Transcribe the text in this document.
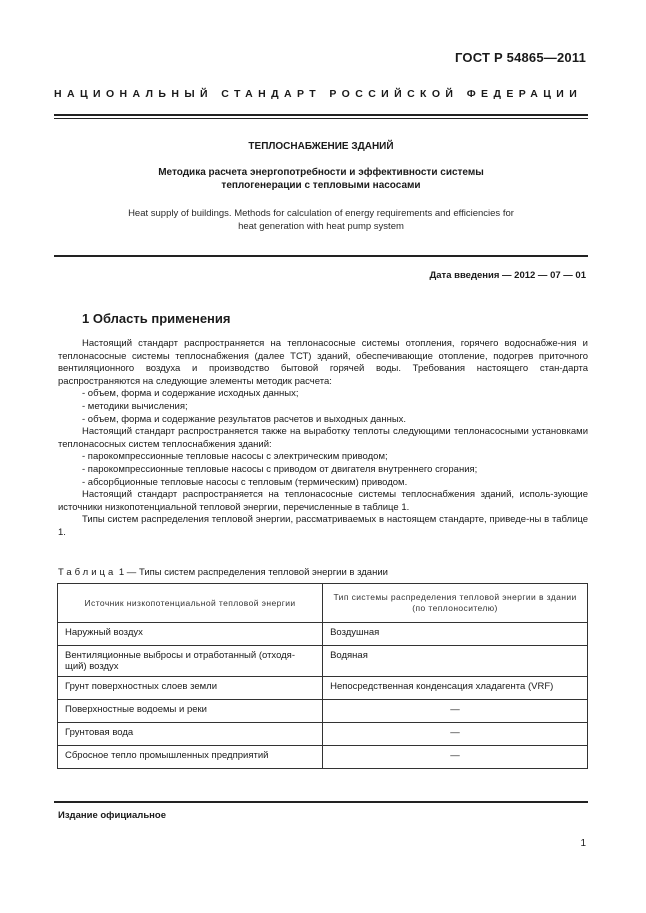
ГОСТ Р 54865—2011
НАЦИОНАЛЬНЫЙ СТАНДАРТ РОССИЙСКОЙ ФЕДЕРАЦИИ
ТЕПЛОСНАБЖЕНИЕ ЗДАНИЙ
Методика расчета энергопотребности и эффективности системы
теплогенерации с тепловыми насосами
Heat supply of buildings. Methods for calculation of energy requirements and efficiencies for
heat generation with heat pump system
Дата введения — 2012 — 07 — 01
1 Область применения

Настоящий стандарт распространяется на теплонасосные системы отопления, горячего водоснабже-ния и теплонасосные системы теплоснабжения (далее ТСТ) зданий, обеспечивающие отопление, подогрев приточного вентиляционного воздуха и производство бытовой горячей воды. Требования настоящего стан-дарта распространяются на следующие элементы методик расчета:

- объем, форма и содержание исходных данных;
- методики вычисления;
- объем, форма и содержание результатов расчетов и выходных данных.

Настоящий стандарт распространяется также на выработку теплоты следующими теплонасосными установками теплонасосных систем теплоснабжения зданий:

- парокомпрессионные тепловые насосы с электрическим приводом;
- парокомпрессионные тепловые насосы с приводом от двигателя внутреннего сгорания;
- абсорбционные тепловые насосы с тепловым (термическим) приводом.

Настоящий стандарт распространяется на теплонасосные системы теплоснабжения зданий, исполь-зующие источники низкопотенциальной тепловой энергии, перечисленные в таблице 1.

Типы систем распределения тепловой энергии, рассматриваемых в настоящем стандарте, приведе-ны в таблице 1.

Таблица 1 — Типы систем распределения тепловой энергии в здании
Источник низкопотенциальной тепловой энергии	Тип системы распределения тепловой энергии в здании (по теплоносителю)
Наружный воздух	Воздушная
Вентиляционные выбросы и отработанный (отходя-щий) воздух	Водяная
Грунт поверхностных слоев земли	Непосредственная конденсация хладагента (VRF)
Поверхностные водоемы и реки	—
Грунтовая вода	—
Сбросное тепло промышленных предприятий	—
Издание официальное
1
